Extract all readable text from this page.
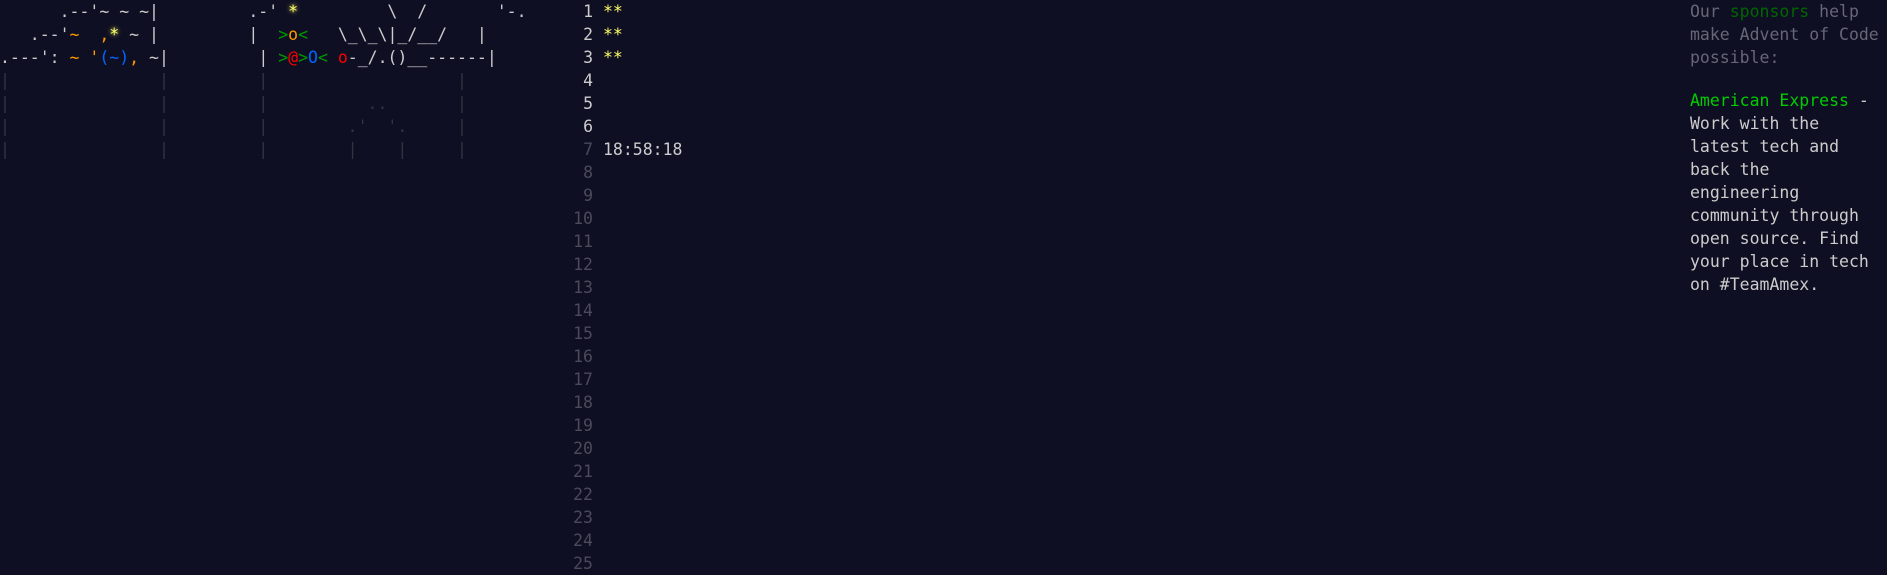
.--'~ ~ ~|         .-' *         \  /       '-.
.--'~ ,* ~ |         |  >o<   \_\_\|_/__/   |
.---': ~ '(~), ~|         | >@>O< o-_/.()__------|
|               |         |                   |
|               |         |          ..       |
|               |         |        .'  '.     |
|               |         |        |    |     |
1 **
2 **
3 **
4
5
6
7 18:58:18
8
9
10
11
12
13
14
15
16
17
18
19
20
21
22
23
24
25
Our sponsors help make Advent of Code possible:
American Express - Work with the latest tech and back the engineering community through open source. Find your place in tech on #TeamAmex.
